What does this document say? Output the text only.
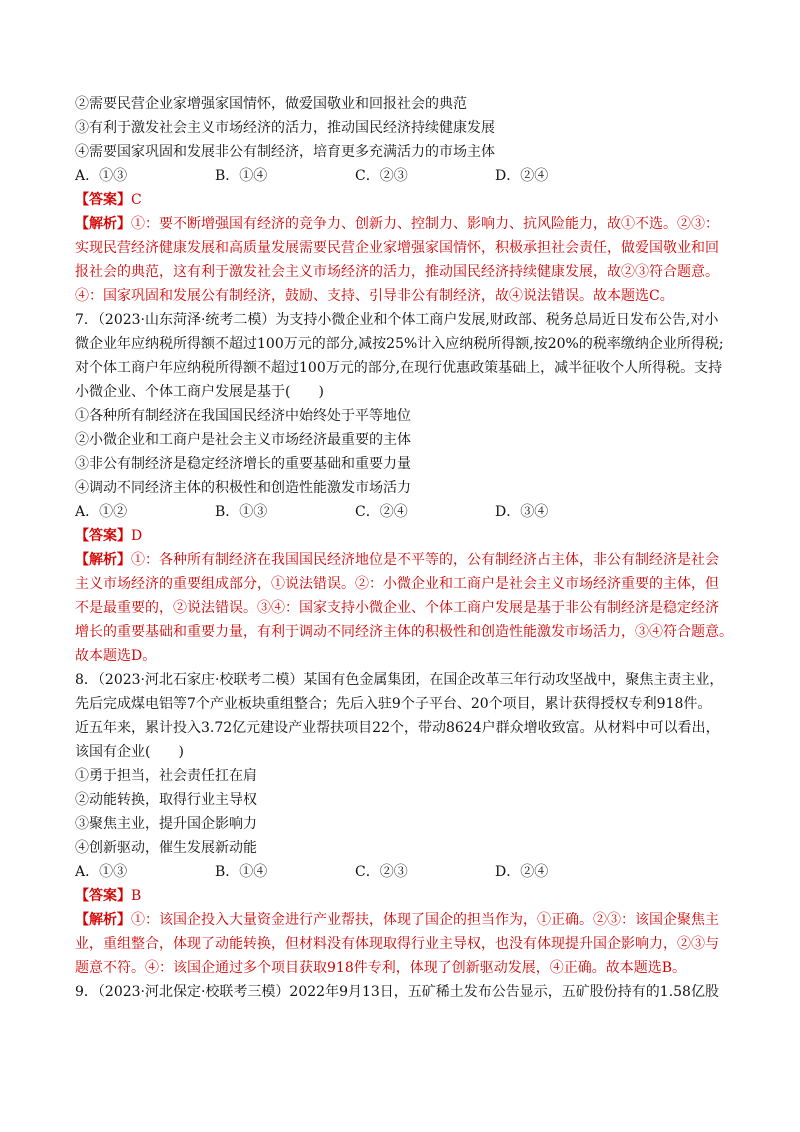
②需要民营企业家增强家国情怀，做爱国敬业和回报社会的典范
③有利于激发社会主义市场经济的活力，推动国民经济持续健康发展
④需要国家巩固和发展非公有制经济，培育更多充满活力的市场主体
A．①③	B．①④	C．②③	D．②④
【答案】C
【解析】①：要不断增强国有经济的竞争力、创新力、控制力、影响力、抗风险能力，故①不选。②③：
实现民营经济健康发展和高质量发展需要民营企业家增强家国情怀，积极承担社会责任，做爱国敬业和回
报社会的典范，这有利于激发社会主义市场经济的活力，推动国民经济持续健康发展，故②③符合题意。
④：国家巩固和发展公有制经济，鼓励、支持、引导非公有制经济，故④说法错误。故本题选C。
7．（2023·山东菏泽·统考二模）为支持小微企业和个体工商户发展,财政部、税务总局近日发布公告,对小
微企业年应纳税所得额不超过100万元的部分,减按25%计入应纳税所得额,按20%的税率缴纳企业所得税;
对个体工商户年应纳税所得额不超过100万元的部分,在现行优惠政策基础上，减半征收个人所得税。支持
小微企业、个体工商户发展是基于(　　)
①各种所有制经济在我国国民经济中始终处于平等地位
②小微企业和工商户是社会主义市场经济最重要的主体
③非公有制经济是稳定经济增长的重要基础和重要力量
④调动不同经济主体的积极性和创造性能激发市场活力
A．①②	B．①③	C．②④	D．③④
【答案】D
【解析】①：各种所有制经济在我国国民经济地位是不平等的，公有制经济占主体，非公有制经济是社会
主义市场经济的重要组成部分，①说法错误。②：小微企业和工商户是社会主义市场经济重要的主体，但
不是最重要的，②说法错误。③④：国家支持小微企业、个体工商户发展是基于非公有制经济是稳定经济
增长的重要基础和重要力量，有利于调动不同经济主体的积极性和创造性能激发市场活力，③④符合题意。
故本题选D。
8．（2023·河北石家庄·校联考二模）某国有色金属集团，在国企改革三年行动攻坚战中，聚焦主责主业，
先后完成煤电铝等7个产业板块重组整合；先后入驻9个子平台、20个项目，累计获得授权专利918件。
近五年来，累计投入3.72亿元建设产业帮扶项目22个，带动8624户群众增收致富。从材料中可以看出，
该国有企业(　　)
①勇于担当，社会责任扛在肩
②动能转换，取得行业主导权
③聚焦主业，提升国企影响力
④创新驱动，催生发展新动能
A．①③	B．①④	C．②③	D．②④
【答案】B
【解析】①：该国企投入大量资金进行产业帮扶，体现了国企的担当作为，①正确。②③：该国企聚焦主
业，重组整合，体现了动能转换，但材料没有体现取得行业主导权，也没有体现提升国企影响力，②③与
题意不符。④：该国企通过多个项目获取918件专利，体现了创新驱动发展，④正确。故本题选B。
9．（2023·河北保定·校联考三模）2022年9月13日，五矿稀土发布公告显示，五矿股份持有的1.58亿股
